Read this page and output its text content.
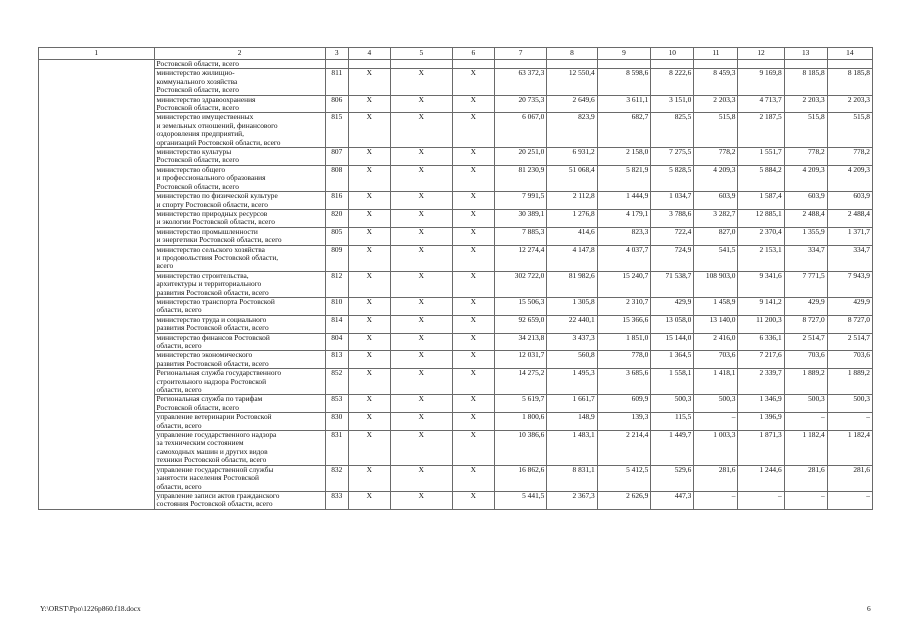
1	2	3	4	5	6	7	8	9	10	11	12	13	14
	Ростовской области, всего												
	министерство жилищно-
коммунального хозяйства
Ростовской области, всего	811	X	X	X	63 372,3	12 550,4	8 598,6	8 222,6	8 459,3	9 169,8	8 185,8	8 185,8
	министерство здравоохранения
Ростовской области, всего	806	X	X	X	20 735,3	2 649,6	3 611,1	3 151,0	2 203,3	4 713,7	2 203,3	2 203,3
	министерство имущественных
и земельных отношений, финансового
оздоровления предприятий,
организаций Ростовской области, всего	815	X	X	X	6 067,0	823,9	682,7	825,5	515,8	2 187,5	515,8	515,8
	министерство культуры
Ростовской области, всего	807	X	X	X	20 251,0	6 931,2	2 158,0	7 275,5	778,2	1 551,7	778,2	778,2
	министерство общего
и профессионального образования
Ростовской области, всего	808	X	X	X	81 230,9	51 068,4	5 821,9	5 828,5	4 209,3	5 884,2	4 209,3	4 209,3
	министерство по физической культуре
и спорту Ростовской области, всего	816	X	X	X	7 991,5	2 112,8	1 444,9	1 034,7	603,9	1 587,4	603,9	603,9
	министерство природных ресурсов
и экологии Ростовской области, всего	820	X	X	X	30 389,1	1 276,8	4 179,1	3 788,6	3 282,7	12 885,1	2 488,4	2 488,4
	министерство промышленности
и энергетики Ростовской области, всего	805	X	X	X	7 885,3	414,6	823,3	722,4	827,0	2 370,4	1 355,9	1 371,7
	министерство сельского хозяйства
и продовольствия Ростовской области,
всего	809	X	X	X	12 274,4	4 147,8	4 037,7	724,9	541,5	2 153,1	334,7	334,7
	министерство строительства,
архитектуры и территориального
развития Ростовской области, всего	812	X	X	X	302 722,0	81 982,6	15 240,7	71 538,7	108 903,0	9 341,6	7 771,5	7 943,9
	министерство транспорта Ростовской
области, всего	810	X	X	X	15 506,3	1 305,8	2 310,7	429,9	1 458,9	9 141,2	429,9	429,9
	министерство труда и социального
развития Ростовской области, всего	814	X	X	X	92 659,0	22 440,1	15 366,6	13 058,0	13 140,0	11 200,3	8 727,0	8 727,0
	министерство финансов Ростовской
области, всего	804	X	X	X	34 213,8	3 437,3	1 851,0	15 144,0	2 416,0	6 336,1	2 514,7	2 514,7
	министерство экономического
развития Ростовской области, всего	813	X	X	X	12 031,7	560,8	778,0	1 364,5	703,6	7 217,6	703,6	703,6
	Региональная служба государственного
строительного надзора Ростовской
области, всего	852	X	X	X	14 275,2	1 495,3	3 685,6	1 558,1	1 418,1	2 339,7	1 889,2	1 889,2
	Региональная служба по тарифам
Ростовской области, всего	853	X	X	X	5 619,7	1 661,7	609,9	500,3	500,3	1 346,9	500,3	500,3
	управление ветеринарии Ростовской
области, всего	830	X	X	X	1 800,6	148,9	139,3	115,5	–	1 396,9	–	–
	управление государственного надзора
за техническим состоянием
самоходных машин и других видов
техники Ростовской области, всего	831	X	X	X	10 386,6	1 483,1	2 214,4	1 449,7	1 003,3	1 871,3	1 182,4	1 182,4
	управление государственной службы
занятости населения Ростовской
области, всего	832	X	X	X	16 862,6	8 831,1	5 412,5	529,6	281,6	1 244,6	281,6	281,6
	управление записи актов гражданского
состояния Ростовской области, всего	833	X	X	X	5 441,5	2 367,3	2 626,9	447,3	–	–	–	–
Y:\ORST\Ppo\1226p860.f18.docx	6
